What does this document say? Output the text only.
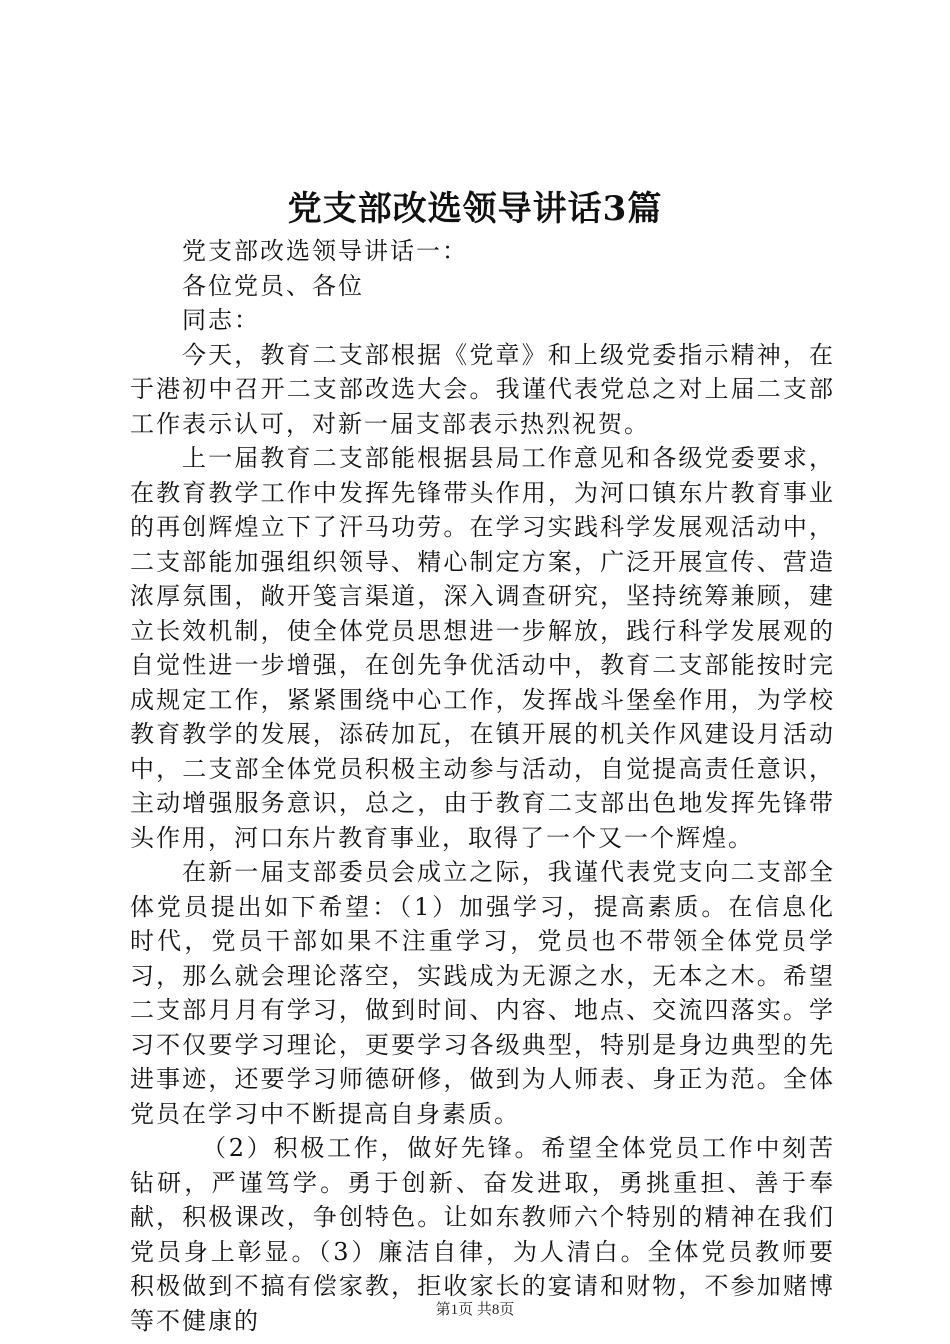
党支部改选领导讲话3篇

党支部改选领导讲话一：

各位党员、各位

同志：

今天，教育二支部根据《党章》和上级党委指示精神，在于港初中召开二支部改选大会。我谨代表党总之对上届二支部工作表示认可，对新一届支部表示热烈祝贺。

上一届教育二支部能根据县局工作意见和各级党委要求，在教育教学工作中发挥先锋带头作用，为河口镇东片教育事业的再创辉煌立下了汗马功劳。在学习实践科学发展观活动中，二支部能加强组织领导、精心制定方案，广泛开展宣传、营造浓厚氛围，敞开笺言渠道，深入调查研究，坚持统筹兼顾，建立长效机制，使全体党员思想进一步解放，践行科学发展观的自觉性进一步增强，在创先争优活动中，教育二支部能按时完成规定工作，紧紧围绕中心工作，发挥战斗堡垒作用，为学校教育教学的发展，添砖加瓦，在镇开展的机关作风建设月活动中，二支部全体党员积极主动参与活动，自觉提高责任意识，主动增强服务意识，总之，由于教育二支部出色地发挥先锋带头作用，河口东片教育事业，取得了一个又一个辉煌。

在新一届支部委员会成立之际，我谨代表党支向二支部全体党员提出如下希望：（1）加强学习，提高素质。在信息化时代，党员干部如果不注重学习，党员也不带领全体党员学习，那么就会理论落空，实践成为无源之水，无本之木。希望二支部月月有学习，做到时间、内容、地点、交流四落实。学习不仅要学习理论，更要学习各级典型，特别是身边典型的先进事迹，还要学习师德研修，做到为人师表、身正为范。全体党员在学习中不断提高自身素质。

（2）积极工作，做好先锋。希望全体党员工作中刻苦钻研，严谨笃学。勇于创新、奋发进取，勇挑重担、善于奉献，积极课改，争创特色。让如东教师六个特别的精神在我们党员身上彰显。（3）廉洁自律，为人清白。全体党员教师要积极做到不搞有偿家教，拒收家长的宴请和财物，不参加赌博等不健康的	第1页 共8页
